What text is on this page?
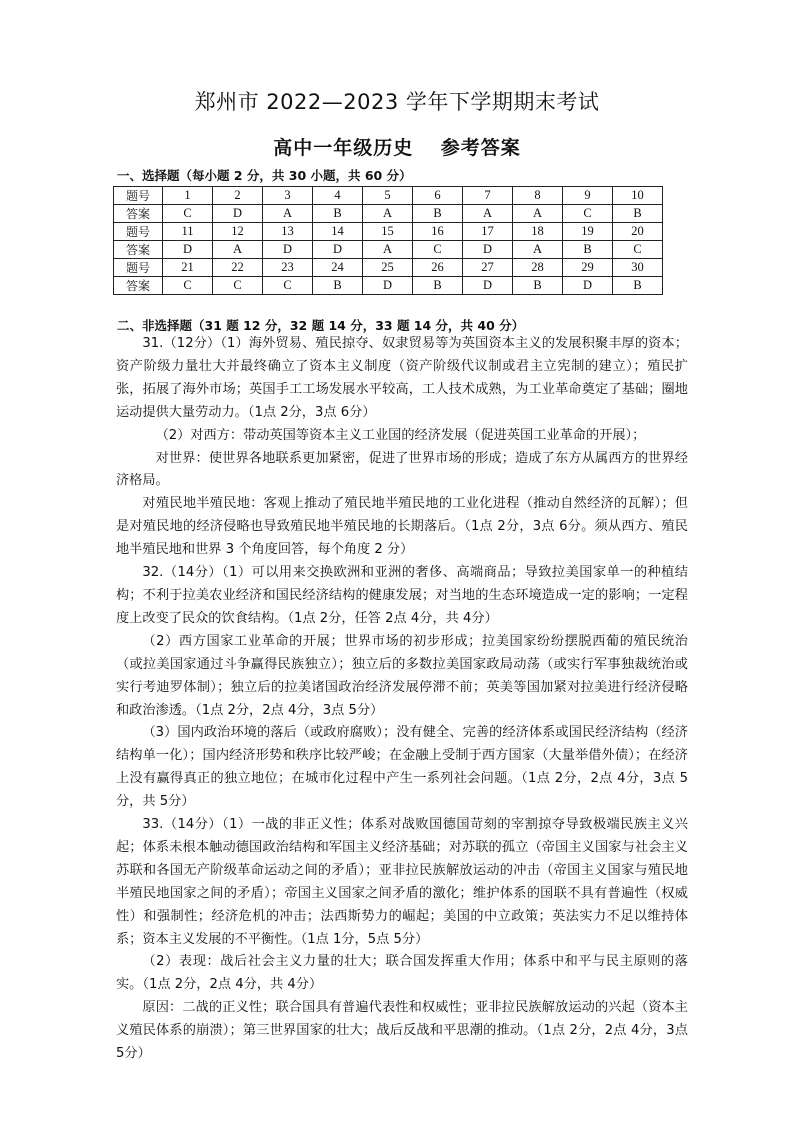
郑州市 2022—2023 学年下学期期末考试
高中一年级历史　 参考答案
一、选择题（每小题 2 分，共 30 小题，共 60 分）
题号	1	2	3	4	5	6	7	8	9	10
答案	C	D	A	B	A	B	A	A	C	B
题号	11	12	13	14	15	16	17	18	19	20
答案	D	A	D	D	A	C	D	A	B	C
题号	21	22	23	24	25	26	27	28	29	30
答案	C	C	C	B	D	B	D	B	D	B
二、非选择题（31 题 12 分，32 题 14 分，33 题 14 分，共 40 分）

31.（12分）（1）海外贸易、殖民掠夺、奴隶贸易等为英国资本主义的发展积聚丰厚的资本；资产阶级力量壮大并最终确立了资本主义制度（资产阶级代议制或君主立宪制的建立）；殖民扩张，拓展了海外市场；英国手工工场发展水平较高，工人技术成熟，为工业革命奠定了基础；圈地运动提供大量劳动力。（1点 2分，3点 6分）

（2）对西方：带动英国等资本主义工业国的经济发展（促进英国工业革命的开展）；

对世界：使世界各地联系更加紧密，促进了世界市场的形成；造成了东方从属西方的世界经济格局。

对殖民地半殖民地：客观上推动了殖民地半殖民地的工业化进程（推动自然经济的瓦解）；但是对殖民地的经济侵略也导致殖民地半殖民地的长期落后。（1点 2分，3点 6分。须从西方、殖民地半殖民地和世界 3 个角度回答，每个角度 2 分）

32.（14分）（1）可以用来交换欧洲和亚洲的奢侈、高端商品；导致拉美国家单一的种植结构；不利于拉美农业经济和国民经济结构的健康发展；对当地的生态环境造成一定的影响；一定程度上改变了民众的饮食结构。（1点 2分，任答 2点 4分，共 4分）

（2）西方国家工业革命的开展；世界市场的初步形成；拉美国家纷纷摆脱西葡的殖民统治（或拉美国家通过斗争赢得民族独立）；独立后的多数拉美国家政局动荡（或实行军事独裁统治或实行考迪罗体制）；独立后的拉美诸国政治经济发展停滞不前；英美等国加紧对拉美进行经济侵略和政治渗透。（1点 2分，2点 4分，3点 5分）

（3）国内政治环境的落后（或政府腐败）；没有健全、完善的经济体系或国民经济结构（经济结构单一化）；国内经济形势和秩序比较严峻；在金融上受制于西方国家（大量举借外债）；在经济上没有赢得真正的独立地位；在城市化过程中产生一系列社会问题。（1点 2分，2点 4分，3点 5分，共 5分）

33.（14分）（1）一战的非正义性；体系对战败国德国苛刻的宰割掠夺导致极端民族主义兴起；体系未根本触动德国政治结构和军国主义经济基础；对苏联的孤立（帝国主义国家与社会主义苏联和各国无产阶级革命运动之间的矛盾）；亚非拉民族解放运动的冲击（帝国主义国家与殖民地半殖民地国家之间的矛盾）；帝国主义国家之间矛盾的激化；维护体系的国联不具有普遍性（权威性）和强制性；经济危机的冲击；法西斯势力的崛起；美国的中立政策；英法实力不足以维持体系；资本主义发展的不平衡性。（1点 1分，5点 5分）

（2）表现：战后社会主义力量的壮大；联合国发挥重大作用；体系中和平与民主原则的落实。（1点 2分，2点 4分，共 4分）

原因：二战的正义性；联合国具有普遍代表性和权威性；亚非拉民族解放运动的兴起（资本主义殖民体系的崩溃）；第三世界国家的壮大；战后反战和平思潮的推动。（1点 2分，2点 4分，3点 5分）
